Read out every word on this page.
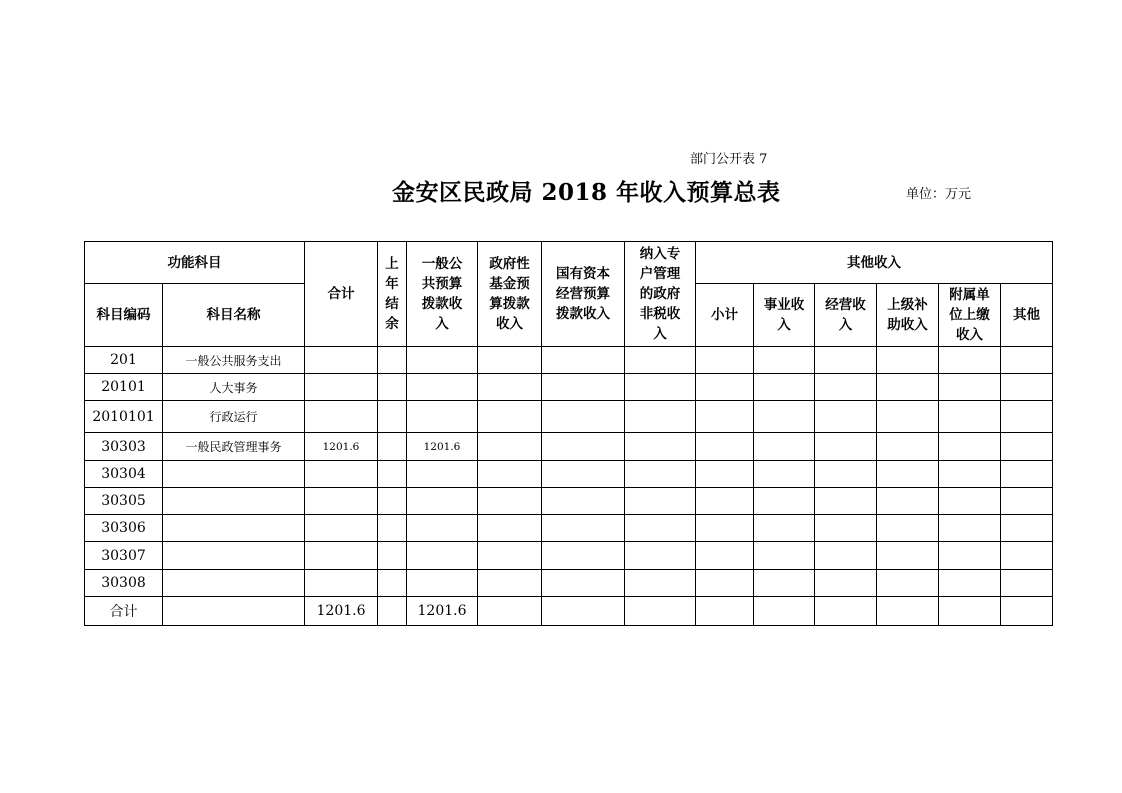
部门公开表 7
金安区民政局 2018 年收入预算总表	单位：万元
功能科目		合计	上
年
结
余	一般公
共预算
拨款收
入	政府性
基金预
算拨款
收入	国有资本
经营预算
拨款收入	纳入专
户管理
的政府
非税收
入	其他收入					
科目编码	科目名称							小计	事业收
入	经营收
入	上级补
助收入	附属单
位上缴
收入	其他
201	一般公共服务支出												
20101	人大事务												
2010101	行政运行												
30303	一般民政管理事务	1201.6		1201.6									
30304													
30305													
30306													
30307													
30308													
合计		1201.6		1201.6									
